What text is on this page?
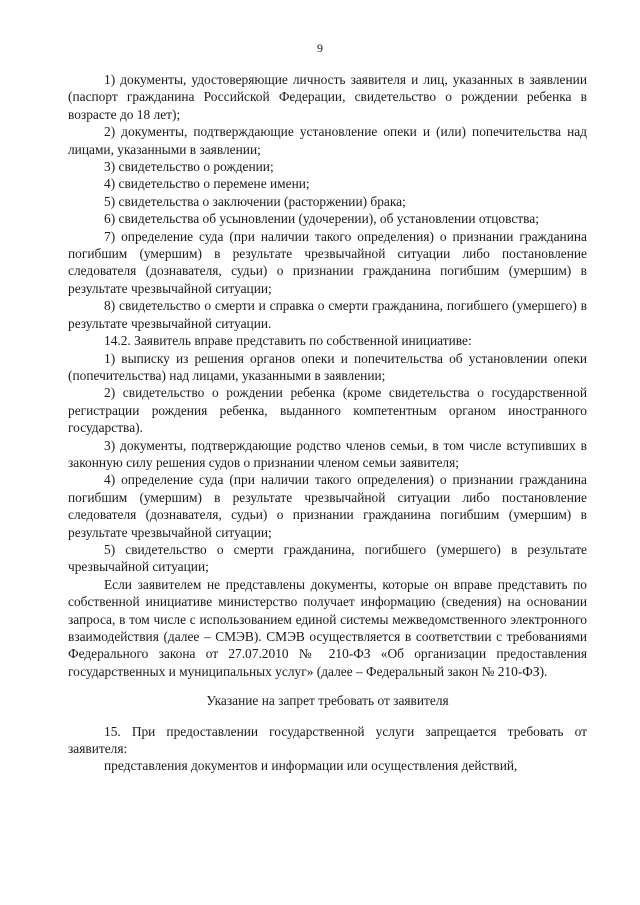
9

1) документы, удостоверяющие личность заявителя и лиц, указанных в заявлении (паспорт гражданина Российской Федерации, свидетельство о рождении ребенка в возрасте до 18 лет);

2) документы, подтверждающие установление опеки и (или) попечительства над лицами, указанными в заявлении;

3) свидетельство о рождении;

4) свидетельство о перемене имени;

5) свидетельства о заключении (расторжении) брака;

6) свидетельства об усыновлении (удочерении), об установлении отцовства;

7) определение суда (при наличии такого определения) о признании гражданина погибшим (умершим) в результате чрезвычайной ситуации либо постановление следователя (дознавателя, судьи) о признании гражданина погибшим (умершим) в результате чрезвычайной ситуации;

8) свидетельство о смерти и справка о смерти гражданина, погибшего (умершего) в результате чрезвычайной ситуации.

14.2. Заявитель вправе представить по собственной инициативе:

1) выписку из решения органов опеки и попечительства об установлении опеки (попечительства) над лицами, указанными в заявлении;

2) свидетельство о рождении ребенка (кроме свидетельства о государственной регистрации рождения ребенка, выданного компетентным органом иностранного государства).

3) документы, подтверждающие родство членов семьи, в том числе вступивших в законную силу решения судов о признании членом семьи заявителя;

4) определение суда (при наличии такого определения) о признании гражданина погибшим (умершим) в результате чрезвычайной ситуации либо постановление следователя (дознавателя, судьи) о признании гражданина погибшим (умершим) в результате чрезвычайной ситуации;

5) свидетельство о смерти гражданина, погибшего (умершего) в результате чрезвычайной ситуации;

Если заявителем не представлены документы, которые он вправе представить по собственной инициативе министерство получает информацию (сведения) на основании запроса, в том числе с использованием единой системы межведомственного электронного взаимодействия (далее – СМЭВ). СМЭВ осуществляется в соответствии с требованиями Федерального закона от 27.07.2010 № 210-ФЗ «Об организации предоставления государственных и муниципальных услуг» (далее – Федеральный закон № 210-ФЗ).

Указание на запрет требовать от заявителя

15. При предоставлении государственной услуги запрещается требовать от заявителя:

представления документов и информации или осуществления действий,
